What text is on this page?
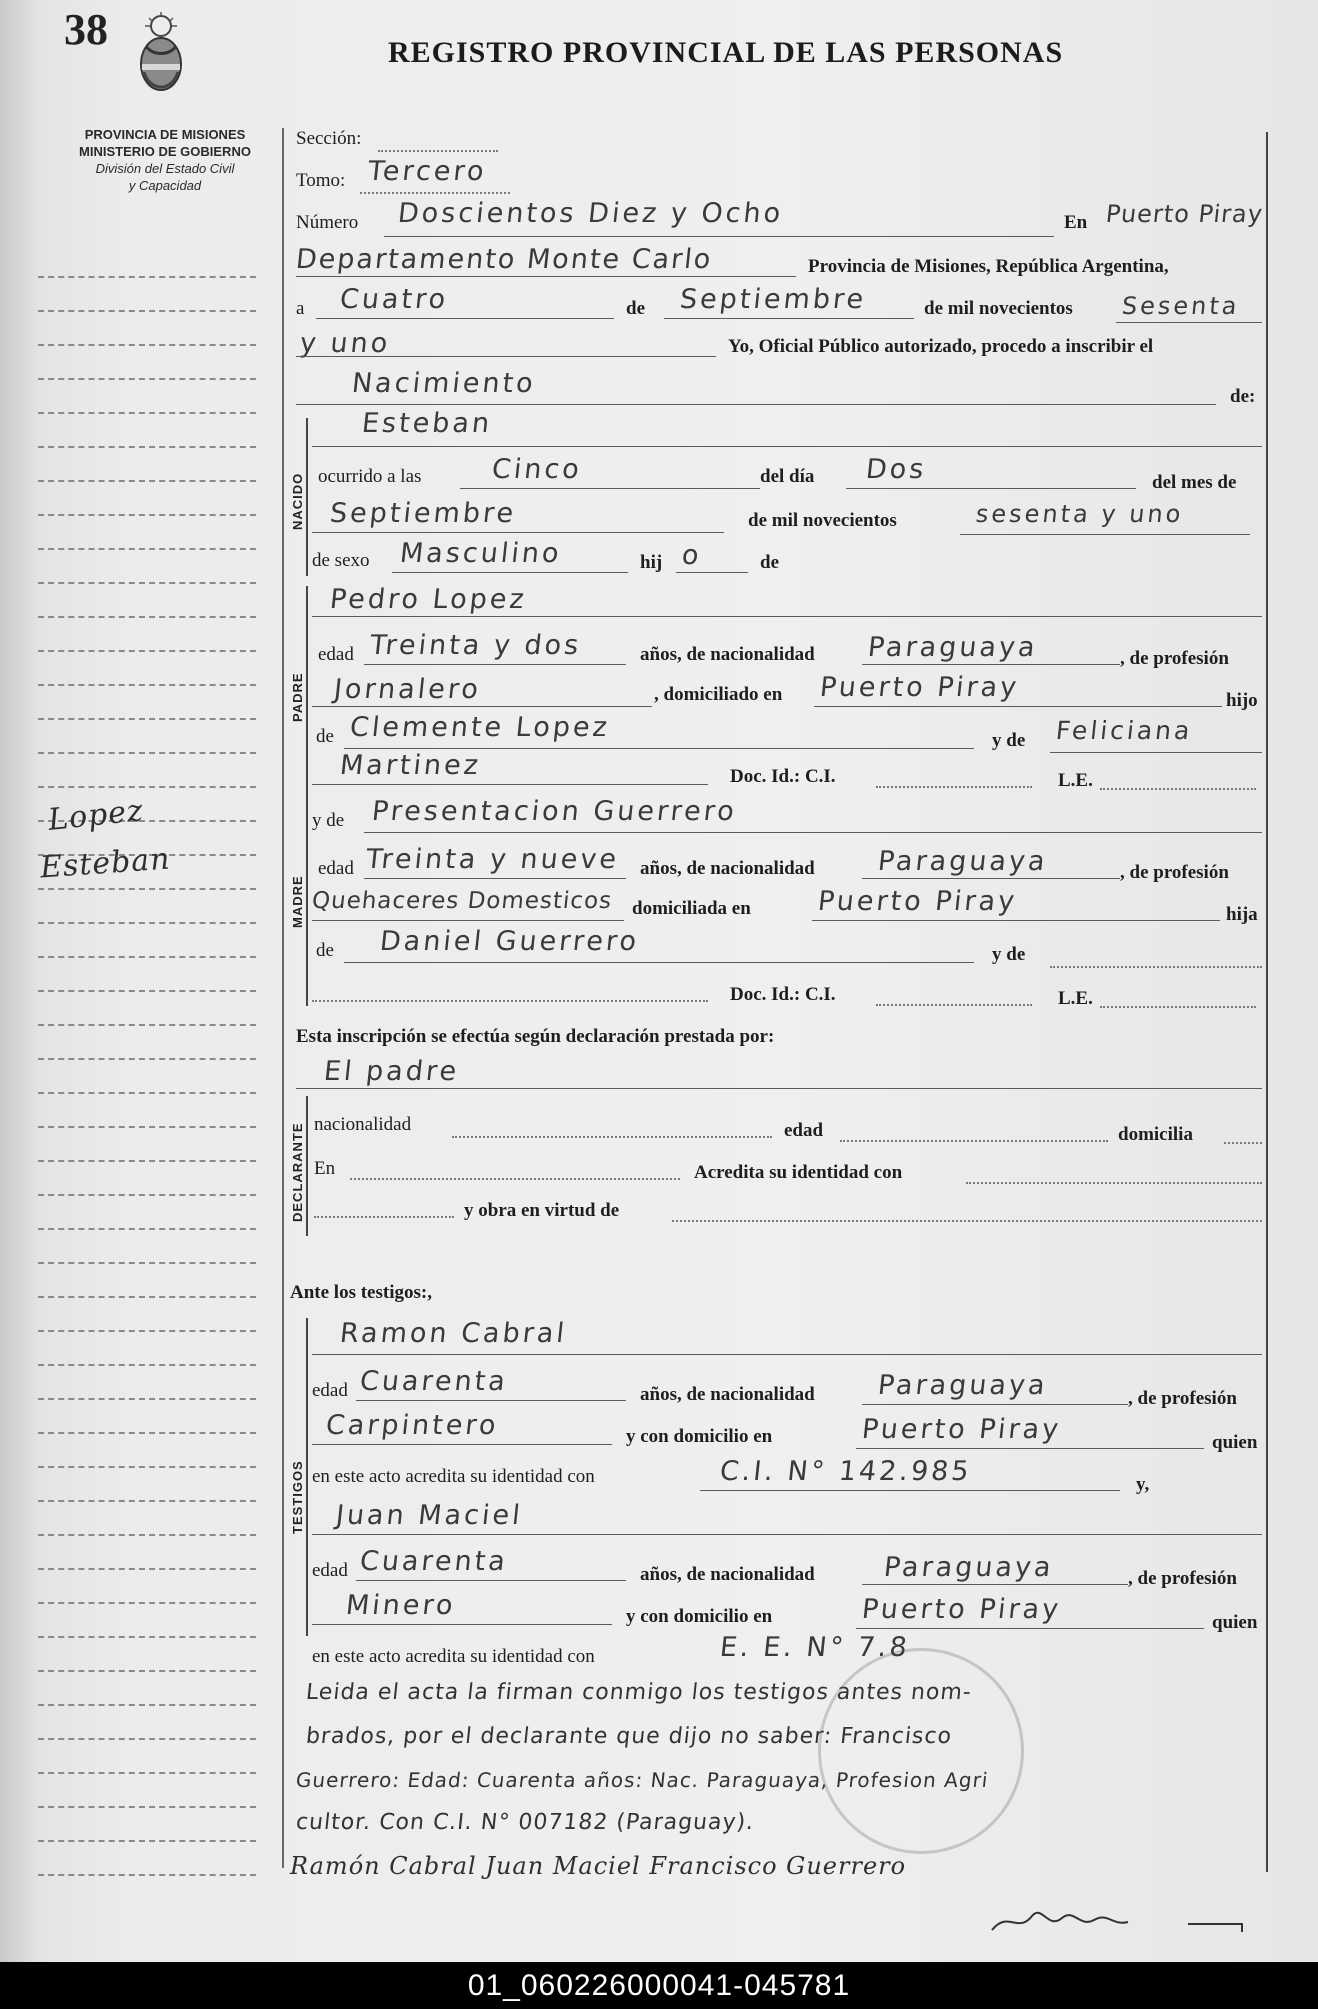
38	REGISTRO PROVINCIAL DE LAS PERSONAS
PROVINCIA DE MISIONES
MINISTERIO DE GOBIERNO
División del Estado Civil
y Capacidad
Lopez
Esteban
Sección:
Tomo: Tercero
Número Doscientos Diez y Ocho	En Puerto Piray
Departamento Monte Carlo	Provincia de Misiones, República Argentina,
a Cuatro	de Septiembre	de mil novecientos Sesenta
y uno	Yo, Oficial Público autorizado, procedo a inscribir el
Nacimiento	de:
NACIDO
Esteban
ocurrido a las	Cinco	del día Dos	del mes de
Septiembre	de mil novecientos	sesenta y uno
de sexo Masculino	hij o	de
PADRE
Pedro Lopez
edad Treinta y dos	años, de nacionalidad Paraguaya	, de profesión
Jornalero	, domiciliado en Puerto Piray	hijo
de Clemente Lopez	y de Feliciana
Martinez	Doc. Id.: C.I.	L.E.
MADRE
y de Presentacion Guerrero
edad Treinta y nueve años, de nacionalidad Paraguaya	, de profesión
Quehaceres Domesticos domiciliada en Puerto Piray	hija
de Daniel Guerrero	y de
Doc. Id.: C.I.	L.E.
Esta inscripción se efectúa según declaración prestada por:
El padre
DECLARANTE nacionalidad	edad	domicilia
En	Acredita su identidad con
y obra en virtud de
Ante los testigos:,
TESTIGOS
Ramon Cabral
edad Cuarenta	años, de nacionalidad Paraguaya	, de profesión
Carpintero	y con domicilio en	Puerto Piray	quien
en este acto acredita su identidad con	C.I. N° 142.985	y,
Juan Maciel
edad Cuarenta	años, de nacionalidad	Paraguaya	, de profesión
Minero	y con domicilio en	Puerto Piray	quien
en este acto acredita su identidad con	E. E. N° 7.8
Leida el acta la firman conmigo los testigos antes nom-
brados, por el declarante que dijo no saber: Francisco
Guerrero: Edad: Cuarenta años: Nac. Paraguaya, Profesion Agri
cultor. Con C.I. N° 007182 (Paraguay).
Ramón Cabral Juan Maciel Francisco Guerrero
01_060226000041-045781
